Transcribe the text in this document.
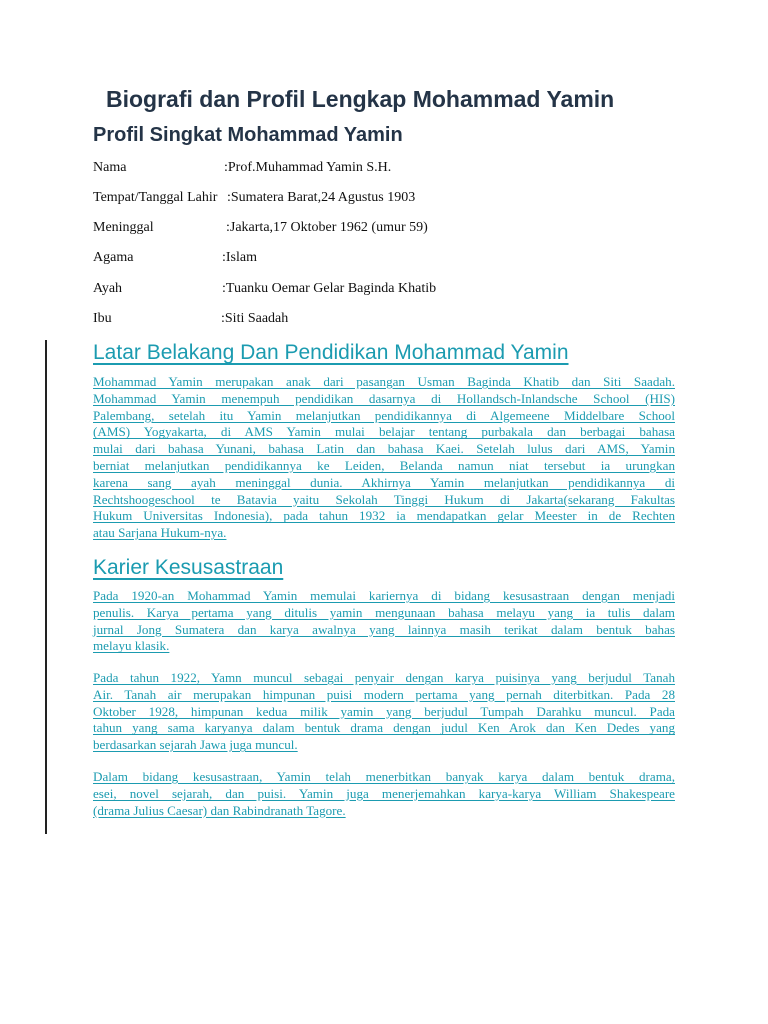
Biografi dan Profil Lengkap Mohammad Yamin
Profil Singkat Mohammad Yamin
Nama	:Prof.Muhammad Yamin S.H.
Tempat/Tanggal Lahir :Sumatera Barat,24 Agustus 1903
Meninggal	:Jakarta,17 Oktober 1962 (umur 59)
Agama	:Islam
Ayah	:Tuanku Oemar Gelar Baginda Khatib
Ibu	:Siti Saadah
Latar Belakang Dan Pendidikan Mohammad Yamin

Mohammad Yamin merupakan anak dari pasangan Usman Baginda Khatib dan Siti Saadah.
Mohammad Yamin menempuh pendidikan dasarnya di Hollandsch-Inlandsche School (HIS)
Palembang, setelah itu Yamin melanjutkan pendidikannya di Algemeene Middelbare School
(AMS) Yogyakarta, di AMS Yamin mulai belajar tentang purbakala dan berbagai bahasa
mulai dari bahasa Yunani, bahasa Latin dan bahasa Kaei. Setelah lulus dari AMS, Yamin
berniat melanjutkan pendidikannya ke Leiden, Belanda namun niat tersebut ia urungkan
karena sang ayah meninggal dunia. Akhirnya Yamin melanjutkan pendidikannya di
Rechtshoogeschool te Batavia yaitu Sekolah Tinggi Hukum di Jakarta(sekarang Fakultas
Hukum Universitas Indonesia), pada tahun 1932 ia mendapatkan gelar Meester in de Rechten
atau Sarjana Hukum-nya.

Karier Kesusastraan

Pada 1920-an Mohammad Yamin memulai kariernya di bidang kesusastraan dengan menjadi
penulis. Karya pertama yang ditulis yamin mengunaan bahasa melayu yang ia tulis dalam
jurnal Jong Sumatera dan karya awalnya yang lainnya masih terikat dalam bentuk bahas
melayu klasik.

Pada tahun 1922, Yamn muncul sebagai penyair dengan karya puisinya yang berjudul Tanah
Air. Tanah air merupakan himpunan puisi modern pertama yang pernah diterbitkan. Pada 28
Oktober 1928, himpunan kedua milik yamin yang berjudul Tumpah Darahku muncul. Pada
tahun yang sama karyanya dalam bentuk drama dengan judul Ken Arok dan Ken Dedes yang
berdasarkan sejarah Jawa juga muncul.

Dalam bidang kesusastraan, Yamin telah menerbitkan banyak karya dalam bentuk drama,
esei, novel sejarah, dan puisi. Yamin juga menerjemahkan karya-karya William Shakespeare
(drama Julius Caesar) dan Rabindranath Tagore.
